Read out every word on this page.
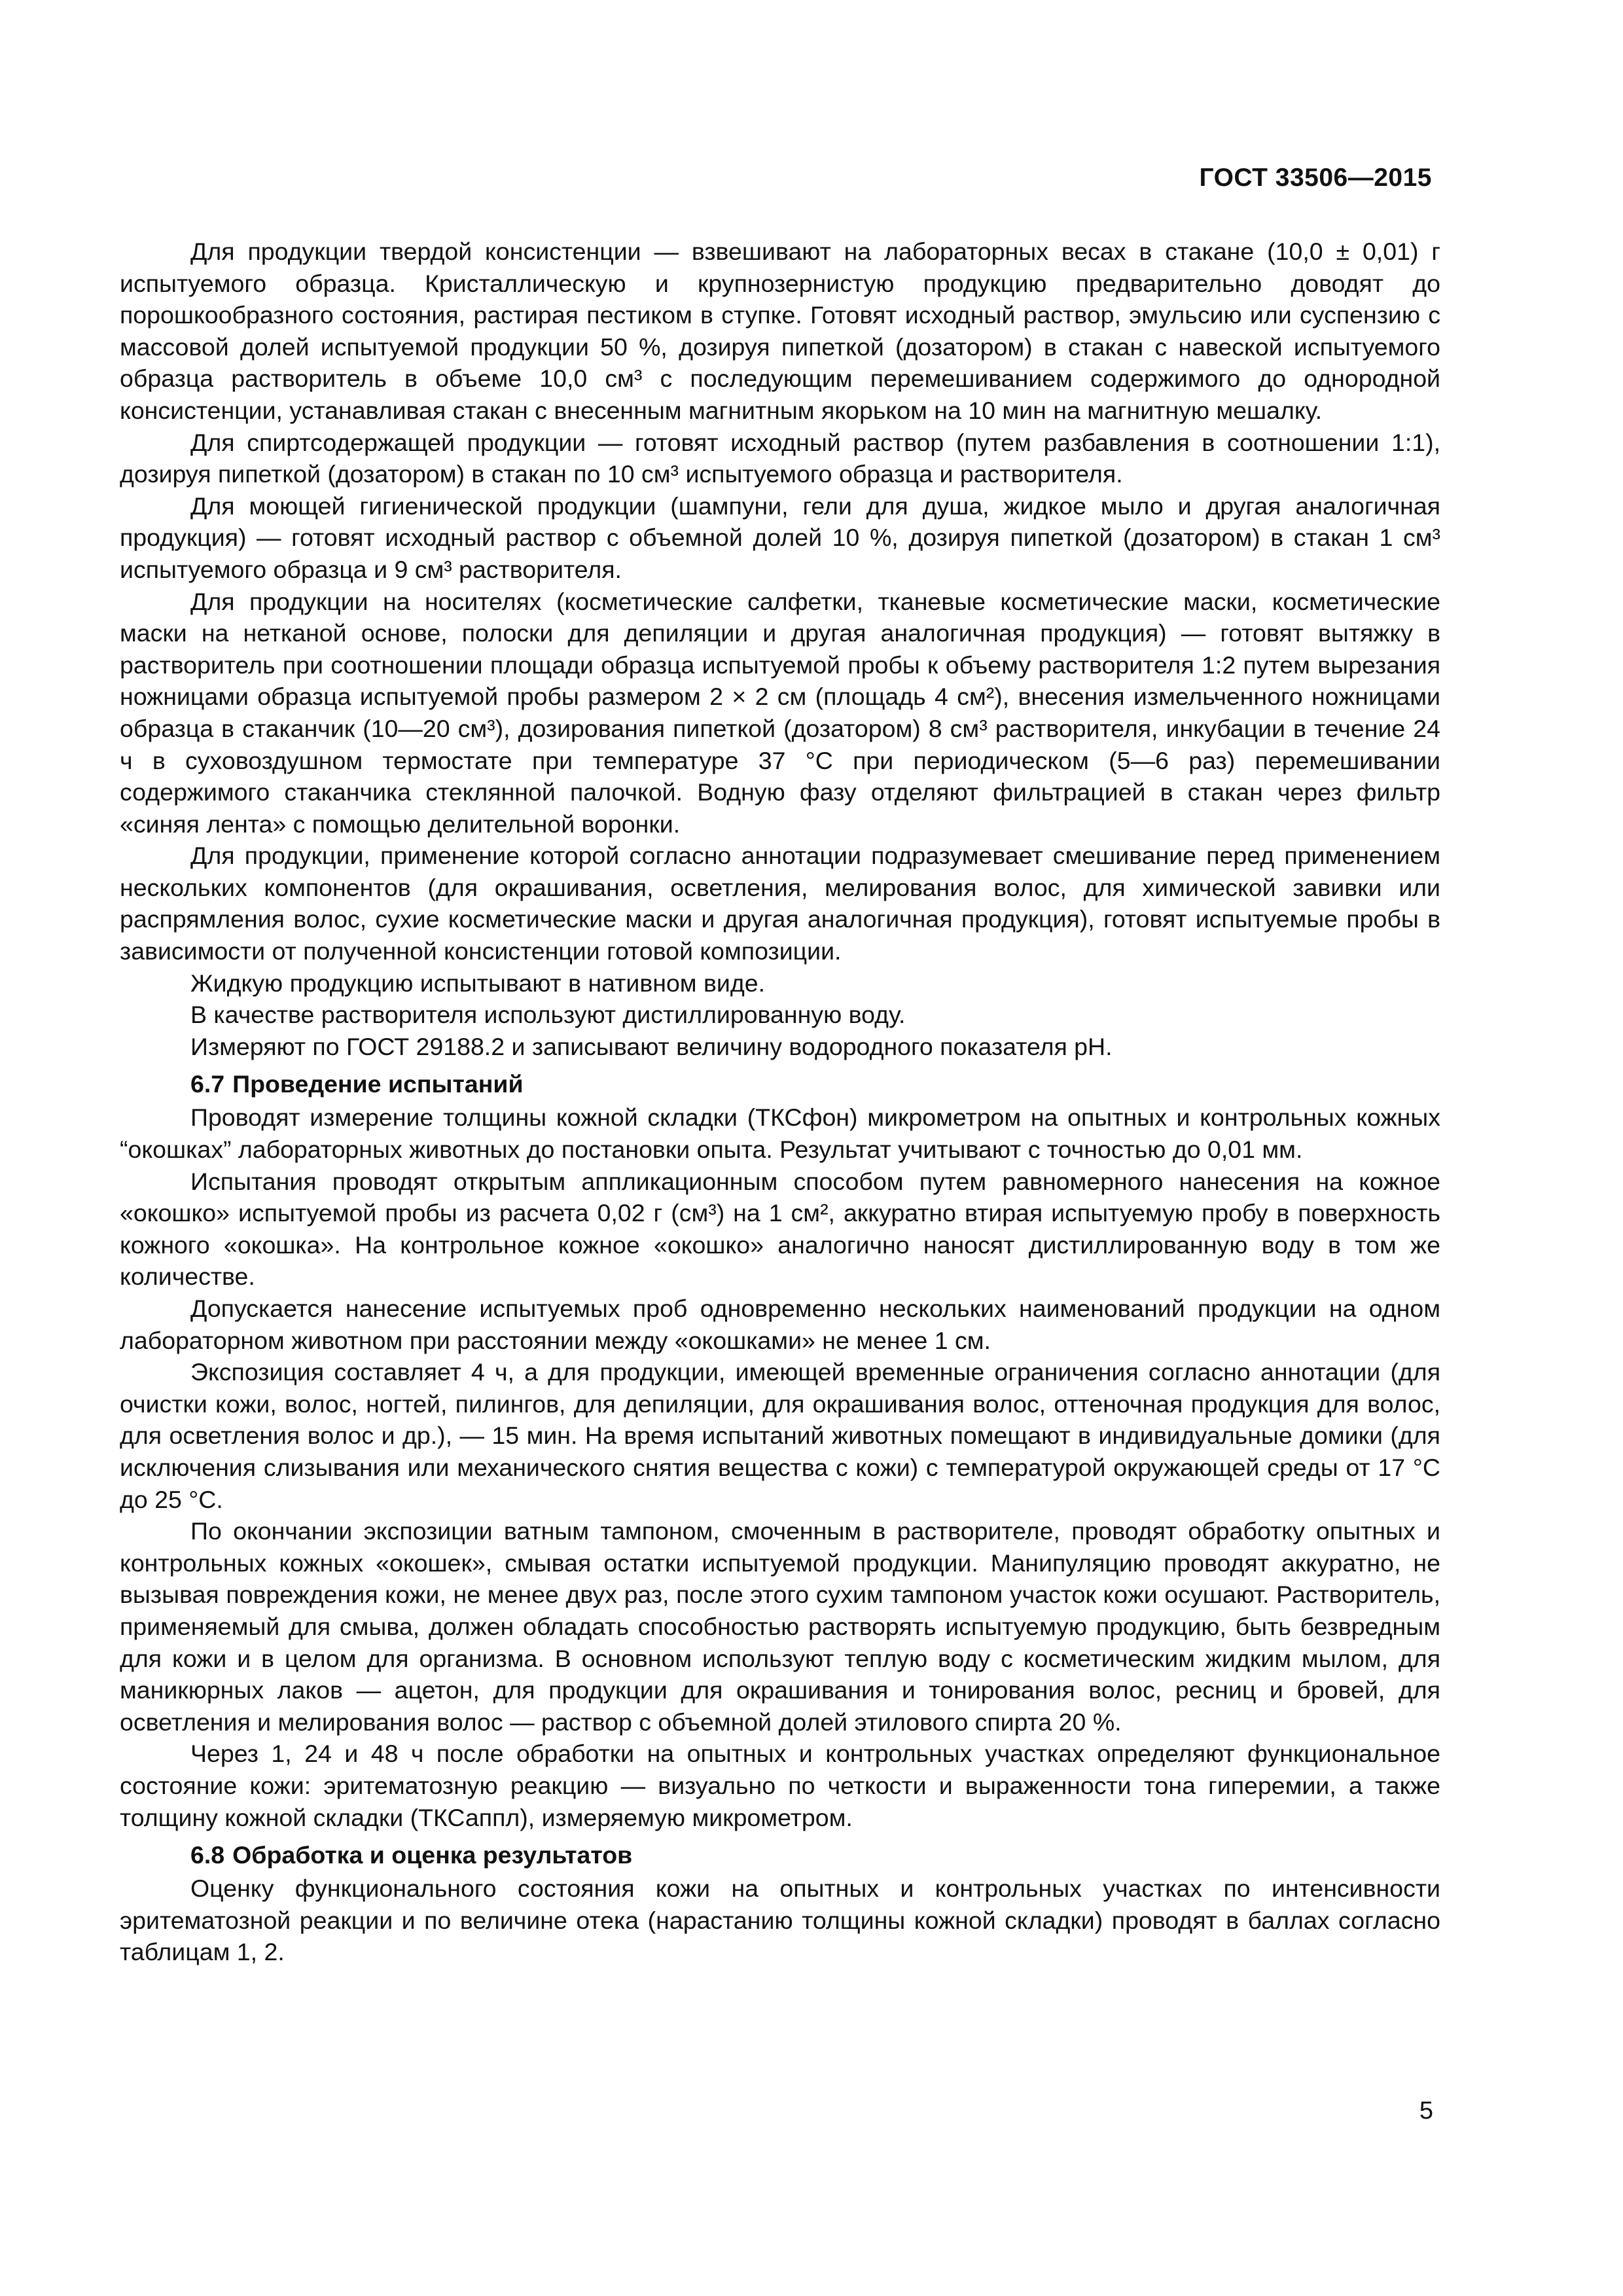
ГОСТ 33506—2015

Для продукции твердой консистенции — взвешивают на лабораторных весах в стакане (10,0 ± 0,01) г испытуемого образца. Кристаллическую и крупнозернистую продукцию предварительно доводят до порошкообразного состояния, растирая пестиком в ступке. Готовят исходный раствор, эмульсию или суспензию с массовой долей испытуемой продукции 50 %, дозируя пипеткой (дозатором) в стакан с навеской испытуемого образца растворитель в объеме 10,0 см³ с последующим перемешиванием содержимого до однородной консистенции, устанавливая стакан с внесенным магнитным якорьком на 10 мин на магнитную мешалку.

Для спиртсодержащей продукции — готовят исходный раствор (путем разбавления в соотношении 1:1), дозируя пипеткой (дозатором) в стакан по 10 см³ испытуемого образца и растворителя.

Для моющей гигиенической продукции (шампуни, гели для душа, жидкое мыло и другая аналогичная продукция) — готовят исходный раствор с объемной долей 10 %, дозируя пипеткой (дозатором) в стакан 1 см³ испытуемого образца и 9 см³ растворителя.

Для продукции на носителях (косметические салфетки, тканевые косметические маски, косметические маски на нетканой основе, полоски для депиляции и другая аналогичная продукция) — готовят вытяжку в растворитель при соотношении площади образца испытуемой пробы к объему растворителя 1:2 путем вырезания ножницами образца испытуемой пробы размером 2 × 2 см (площадь 4 см²), внесения измельченного ножницами образца в стаканчик (10—20 см³), дозирования пипеткой (дозатором) 8 см³ растворителя, инкубации в течение 24 ч в суховоздушном термостате при температуре 37 °С при периодическом (5—6 раз) перемешивании содержимого стаканчика стеклянной палочкой. Водную фазу отделяют фильтрацией в стакан через фильтр «синяя лента» с помощью делительной воронки.

Для продукции, применение которой согласно аннотации подразумевает смешивание перед применением нескольких компонентов (для окрашивания, осветления, мелирования волос, для химической завивки или распрямления волос, сухие косметические маски и другая аналогичная продукция), готовят испытуемые пробы в зависимости от полученной консистенции готовой композиции.

Жидкую продукцию испытывают в нативном виде.

В качестве растворителя используют дистиллированную воду.

Измеряют по ГОСТ 29188.2 и записывают величину водородного показателя рН.

6.7 Проведение испытаний

Проводят измерение толщины кожной складки (ТКСфон) микрометром на опытных и контрольных кожных “окошках” лабораторных животных до постановки опыта. Результат учитывают с точностью до 0,01 мм.

Испытания проводят открытым аппликационным способом путем равномерного нанесения на кожное «окошко» испытуемой пробы из расчета 0,02 г (см³) на 1 см², аккуратно втирая испытуемую пробу в поверхность кожного «окошка». На контрольное кожное «окошко» аналогично наносят дистиллированную воду в том же количестве.

Допускается нанесение испытуемых проб одновременно нескольких наименований продукции на одном лабораторном животном при расстоянии между «окошками» не менее 1 см.

Экспозиция составляет 4 ч, а для продукции, имеющей временные ограничения согласно аннотации (для очистки кожи, волос, ногтей, пилингов, для депиляции, для окрашивания волос, оттеночная продукция для волос, для осветления волос и др.), — 15 мин. На время испытаний животных помещают в индивидуальные домики (для исключения слизывания или механического снятия вещества с кожи) с температурой окружающей среды от 17 °С до 25 °С.

По окончании экспозиции ватным тампоном, смоченным в растворителе, проводят обработку опытных и контрольных кожных «окошек», смывая остатки испытуемой продукции. Манипуляцию проводят аккуратно, не вызывая повреждения кожи, не менее двух раз, после этого сухим тампоном участок кожи осушают. Растворитель, применяемый для смыва, должен обладать способностью растворять испытуемую продукцию, быть безвредным для кожи и в целом для организма. В основном используют теплую воду с косметическим жидким мылом, для маникюрных лаков — ацетон, для продукции для окрашивания и тонирования волос, ресниц и бровей, для осветления и мелирования волос — раствор с объемной долей этилового спирта 20 %.

Через 1, 24 и 48 ч после обработки на опытных и контрольных участках определяют функциональное состояние кожи: эритематозную реакцию — визуально по четкости и выраженности тона гиперемии, а также толщину кожной складки (ТКСаппл), измеряемую микрометром.

6.8 Обработка и оценка результатов

Оценку функционального состояния кожи на опытных и контрольных участках по интенсивности эритематозной реакции и по величине отека (нарастанию толщины кожной складки) проводят в баллах согласно таблицам 1, 2.

5
